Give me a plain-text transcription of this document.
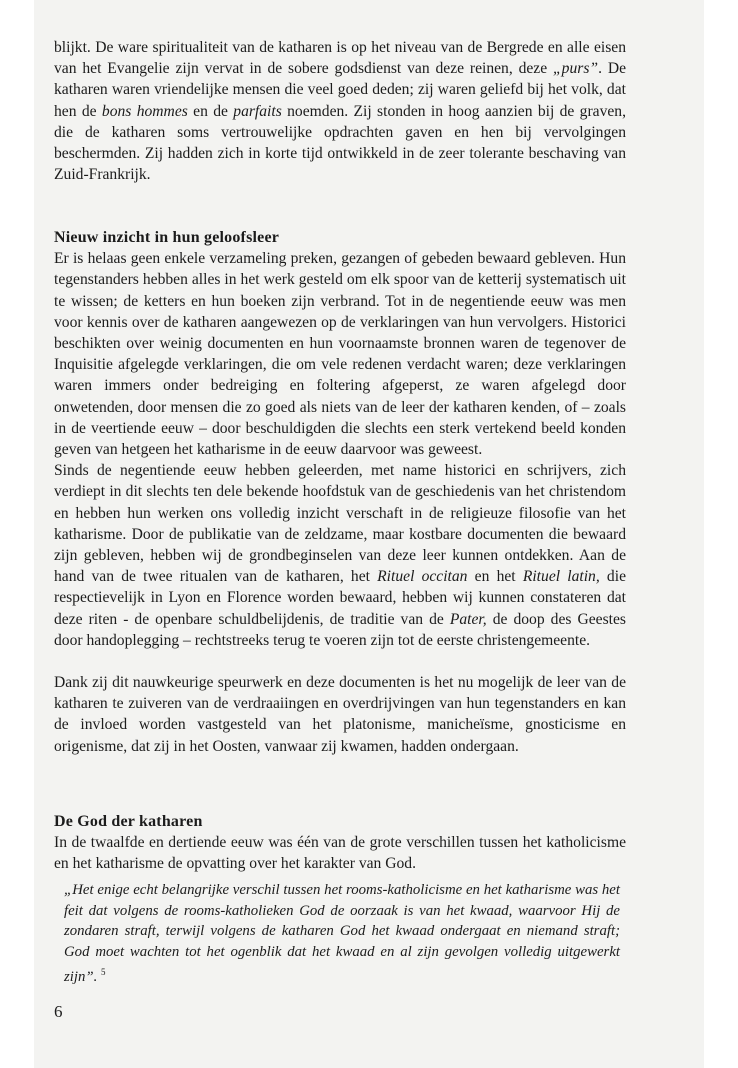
blijkt. De ware spiritualiteit van de katharen is op het niveau van de Bergrede en alle eisen van het Evangelie zijn vervat in de sobere godsdienst van deze reinen, deze „purs”. De katharen waren vriendelijke mensen die veel goed deden; zij waren geliefd bij het volk, dat hen de bons hommes en de parfaits noemden. Zij stonden in hoog aanzien bij de graven, die de katharen soms vertrouwelijke opdrachten gaven en hen bij vervolgingen beschermden. Zij hadden zich in korte tijd ontwikkeld in de zeer tolerante beschaving van Zuid-Frankrijk.

Nieuw inzicht in hun geloofsleer

Er is helaas geen enkele verzameling preken, gezangen of gebeden bewaard gebleven. Hun tegenstanders hebben alles in het werk gesteld om elk spoor van de ketterij systematisch uit te wissen; de ketters en hun boeken zijn verbrand. Tot in de negentiende eeuw was men voor kennis over de katharen aangewezen op de verklaringen van hun vervolgers. Historici beschikten over weinig documenten en hun voornaamste bronnen waren de tegenover de Inquisitie afgelegde verklaringen, die om vele redenen verdacht waren; deze verklaringen waren immers onder bedreiging en foltering afgeperst, ze waren afgelegd door onwetenden, door mensen die zo goed als niets van de leer der katharen kenden, of – zoals in de veertiende eeuw – door beschuldigden die slechts een sterk vertekend beeld konden geven van hetgeen het katharisme in de eeuw daarvoor was geweest.

Sinds de negentiende eeuw hebben geleerden, met name historici en schrijvers, zich verdiept in dit slechts ten dele bekende hoofdstuk van de geschiedenis van het christendom en hebben hun werken ons volledig inzicht verschaft in de religieuze filosofie van het katharisme. Door de publikatie van de zeldzame, maar kostbare documenten die bewaard zijn gebleven, hebben wij de grondbeginselen van deze leer kunnen ontdekken. Aan de hand van de twee ritualen van de katharen, het Rituel occitan en het Rituel latin, die respectievelijk in Lyon en Florence worden bewaard, hebben wij kunnen constateren dat deze riten - de openbare schuldbelijdenis, de traditie van de Pater, de doop des Geestes door handoplegging – rechtstreeks terug te voeren zijn tot de eerste christengemeente.

Dank zij dit nauwkeurige speurwerk en deze documenten is het nu mogelijk de leer van de katharen te zuiveren van de verdraaiingen en overdrijvingen van hun tegenstanders en kan de invloed worden vastgesteld van het platonisme, manicheïsme, gnosticisme en origenisme, dat zij in het Oosten, vanwaar zij kwamen, hadden ondergaan.

De God der katharen

In de twaalfde en dertiende eeuw was één van de grote verschillen tussen het katholicisme en het katharisme de opvatting over het karakter van God.

„Het enige echt belangrijke verschil tussen het rooms-katholicisme en het katharisme was het feit dat volgens de rooms-katholieken God de oorzaak is van het kwaad, waarvoor Hij de zondaren straft, terwijl volgens de katharen God het kwaad ondergaat en niemand straft; God moet wachten tot het ogenblik dat het kwaad en al zijn gevolgen volledig uitgewerkt zijn”. $^5$
6
